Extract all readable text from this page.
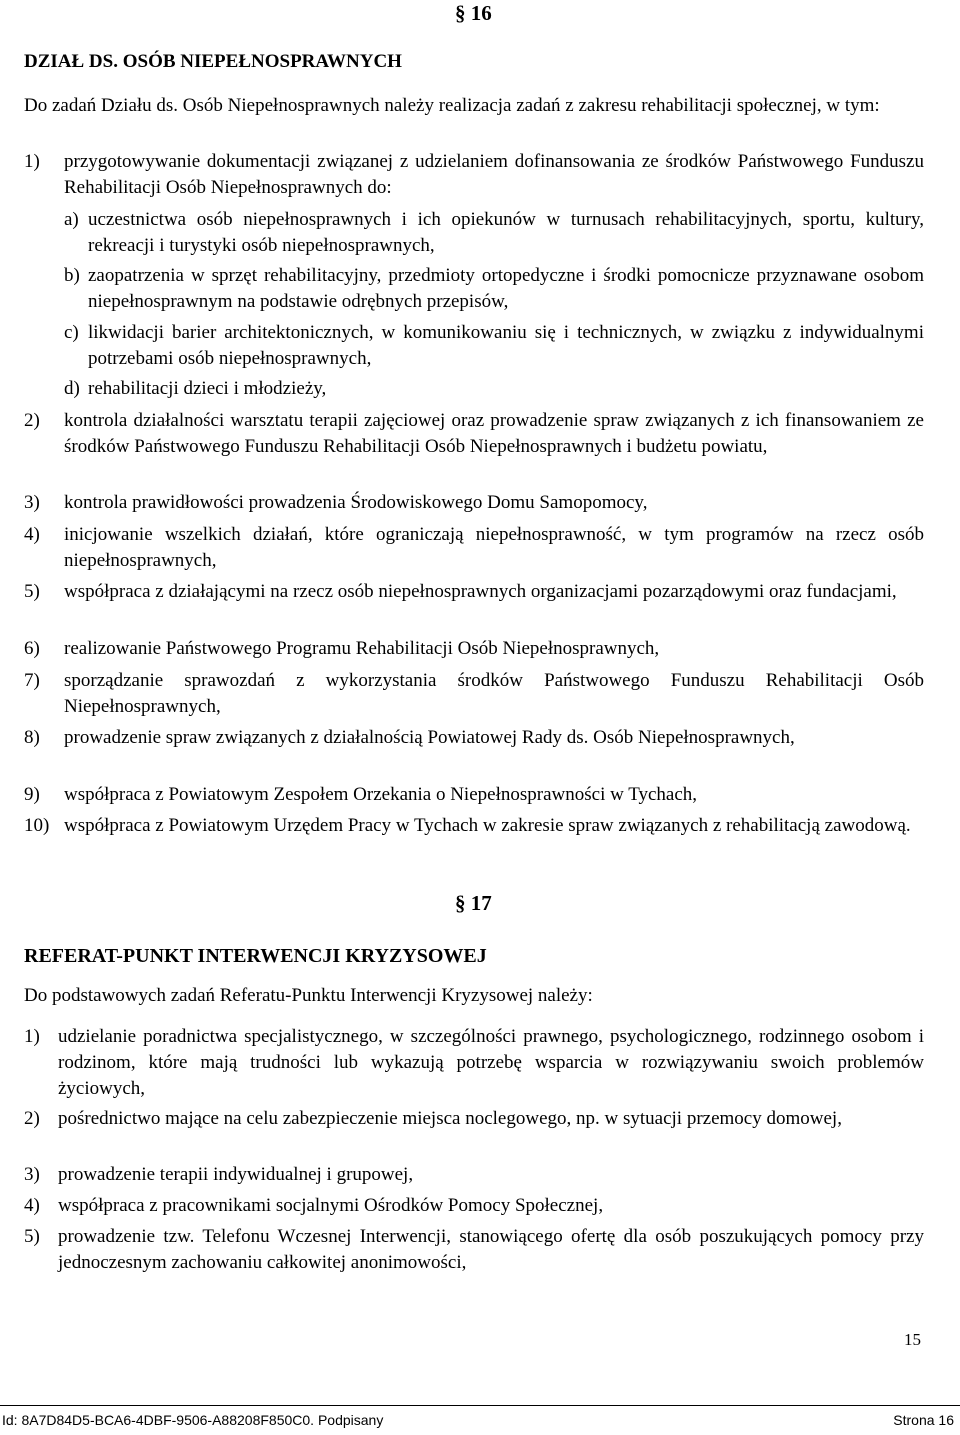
§ 16
DZIAŁ DS. OSÓB NIEPEŁNOSPRAWNYCH
Do zadań Działu ds. Osób Niepełnosprawnych należy realizacja zadań z zakresu rehabilitacji społecznej, w tym:
1) przygotowywanie dokumentacji związanej z udzielaniem dofinansowania ze środków Państwowego Funduszu Rehabilitacji Osób Niepełnosprawnych do:
a) uczestnictwa osób niepełnosprawnych i ich opiekunów w turnusach rehabilitacyjnych, sportu, kultury, rekreacji i turystyki osób niepełnosprawnych,
b) zaopatrzenia w sprzęt rehabilitacyjny, przedmioty ortopedyczne i środki pomocnicze przyznawane osobom niepełnosprawnym na podstawie odrębnych przepisów,
c) likwidacji barier architektonicznych, w komunikowaniu się i technicznych, w związku z indywidualnymi potrzebami osób niepełnosprawnych,
d) rehabilitacji dzieci i młodzieży,
2) kontrola działalności warsztatu terapii zajęciowej oraz prowadzenie spraw związanych z ich finansowaniem ze środków Państwowego Funduszu Rehabilitacji Osób Niepełnosprawnych i budżetu powiatu,
3) kontrola prawidłowości prowadzenia Środowiskowego Domu Samopomocy,
4) inicjowanie wszelkich działań, które ograniczają niepełnosprawność, w tym programów na rzecz osób niepełnosprawnych,
5) współpraca z działającymi na rzecz osób niepełnosprawnych organizacjami pozarządowymi oraz fundacjami,
6) realizowanie Państwowego Programu Rehabilitacji Osób Niepełnosprawnych,
7) sporządzanie sprawozdań z wykorzystania środków Państwowego Funduszu Rehabilitacji Osób Niepełnosprawnych,
8) prowadzenie spraw związanych z działalnością Powiatowej Rady ds. Osób Niepełnosprawnych,
9) współpraca z Powiatowym Zespołem Orzekania o Niepełnosprawności w Tychach,
10) współpraca z Powiatowym Urzędem Pracy w Tychach w zakresie spraw związanych z rehabilitacją zawodową.
§ 17
REFERAT-PUNKT INTERWENCJI KRYZYSOWEJ
Do podstawowych zadań Referatu-Punktu Interwencji Kryzysowej należy:
1) udzielanie poradnictwa specjalistycznego, w szczególności prawnego, psychologicznego, rodzinnego osobom i rodzinom, które mają trudności lub wykazują potrzebę wsparcia w rozwiązywaniu swoich problemów życiowych,
2) pośrednictwo mające na celu zabezpieczenie miejsca noclegowego, np. w sytuacji przemocy domowej,
3) prowadzenie terapii indywidualnej i grupowej,
4) współpraca z pracownikami socjalnymi Ośrodków Pomocy Społecznej,
5) prowadzenie tzw. Telefonu Wczesnej Interwencji, stanowiącego ofertę dla osób poszukujących pomocy przy jednoczesnym zachowaniu całkowitej anonimowości,
15
Id: 8A7D84D5-BCA6-4DBF-9506-A88208F850C0. Podpisany	Strona 16
